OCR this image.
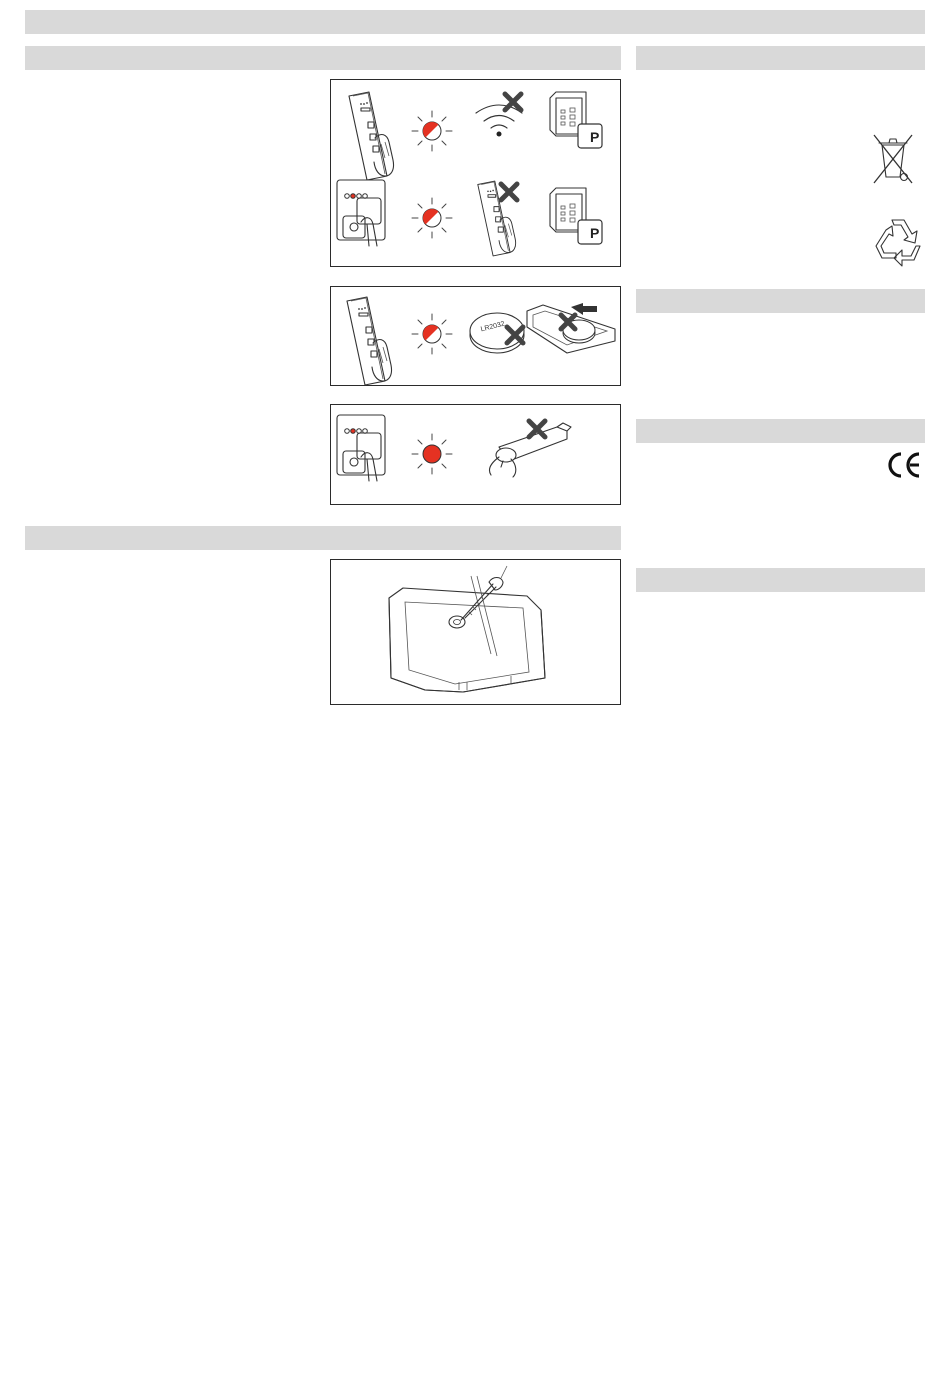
P
P
LR2032
